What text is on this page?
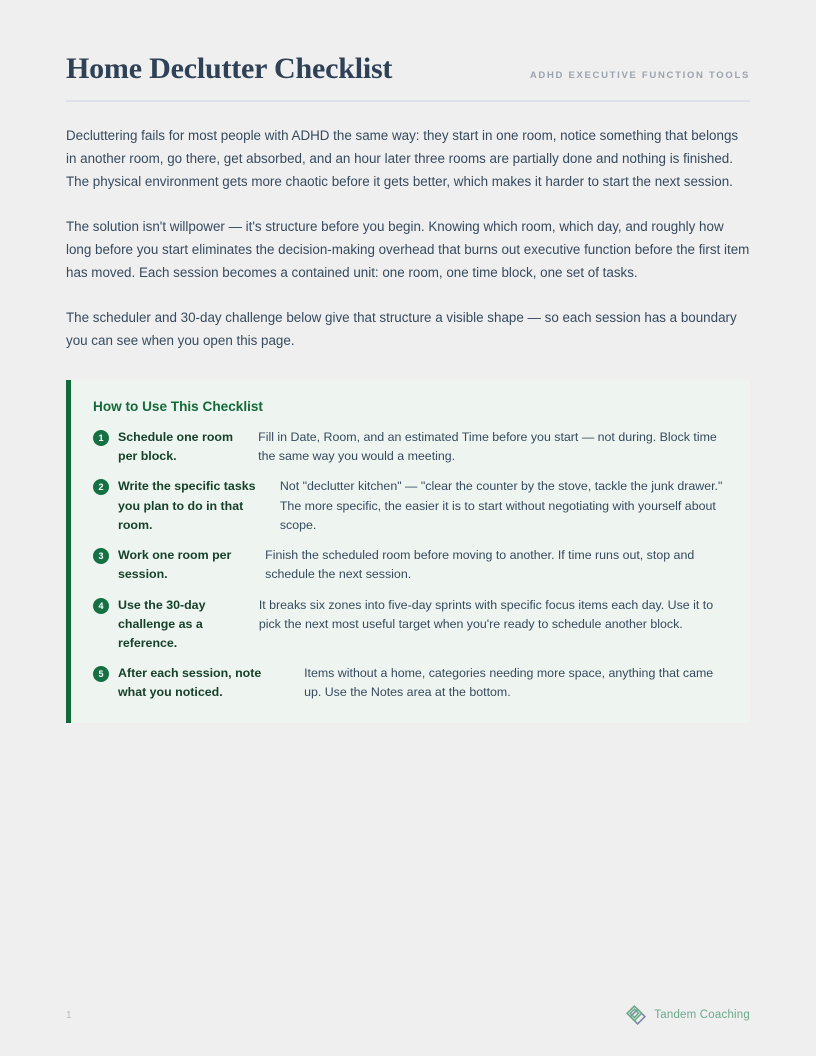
Home Declutter Checklist	ADHD EXECUTIVE FUNCTION TOOLS

Decluttering fails for most people with ADHD the same way: they start in one room, notice something that belongs in another room, go there, get absorbed, and an hour later three rooms are partially done and nothing is finished. The physical environment gets more chaotic before it gets better, which makes it harder to start the next session.

The solution isn't willpower — it's structure before you begin. Knowing which room, which day, and roughly how long before you start eliminates the decision-making overhead that burns out executive function before the first item has moved. Each session becomes a contained unit: one room, one time block, one set of tasks.

The scheduler and 30-day challenge below give that structure a visible shape — so each session has a boundary you can see when you open this page.

How to Use This Checklist
1	Schedule one room per block.
Fill in Date, Room, and an estimated Time before you start — not during. Block time the same way you would a meeting.
2	Write the specific tasks you plan to do in that room.
Not "declutter kitchen" — "clear the counter by the stove, tackle the junk drawer." The more specific, the easier it is to start without negotiating with yourself about scope.
3	Work one room per session.
Finish the scheduled room before moving to another. If time runs out, stop and schedule the next session.
4	Use the 30-day challenge as a reference.
It breaks six zones into five-day sprints with specific focus items each day. Use it to pick the next most useful target when you're ready to schedule another block.
5	After each session, note what you noticed.
Items without a home, categories needing more space, anything that came up. Use the Notes area at the bottom.
1	Tandem Coaching
